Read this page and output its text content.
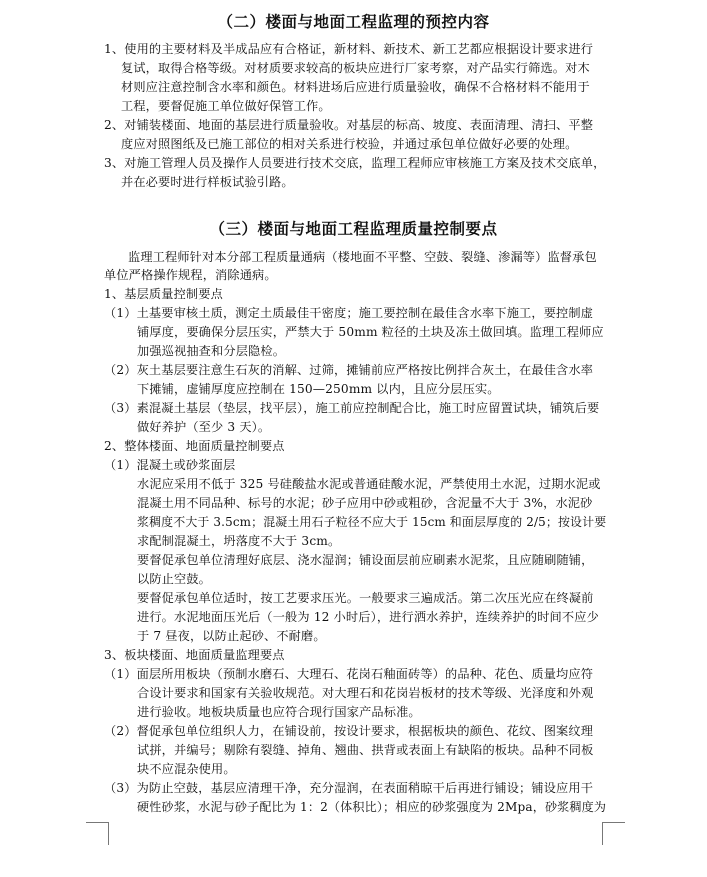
（二）楼面与地面工程监理的预控内容
1、使用的主要材料及半成品应有合格证，新材料、新技术、新工艺都应根据设计要求进行
复试，取得合格等级。对材质要求较高的板块应进行厂家考察，对产品实行筛选。对木
材则应注意控制含水率和颜色。材料进场后应进行质量验收，确保不合格材料不能用于
工程，要督促施工单位做好保管工作。
2、对铺装楼面、地面的基层进行质量验收。对基层的标高、坡度、表面清理、清扫、平整
度应对照图纸及已施工部位的相对关系进行校验，并通过承包单位做好必要的处理。
3、对施工管理人员及操作人员要进行技术交底，监理工程师应审核施工方案及技术交底单，
并在必要时进行样板试验引路。
（三）楼面与地面工程监理质量控制要点
监理工程师针对本分部工程质量通病（楼地面不平整、空鼓、裂缝、渗漏等）监督承包
单位严格操作规程，消除通病。
1、基层质量控制要点
（1）土基要审核土质，测定土质最佳干密度；施工要控制在最佳含水率下施工，要控制虚
铺厚度，要确保分层压实，严禁大于 50mm 粒径的土块及冻土做回填。监理工程师应
加强巡视抽查和分层隐检。
（2）灰土基层要注意生石灰的消解、过筛，摊铺前应严格按比例拌合灰土，在最佳含水率
下摊铺，虚铺厚度应控制在 150—250mm 以内，且应分层压实。
（3）素混凝土基层（垫层，找平层），施工前应控制配合比，施工时应留置试块，铺筑后要
做好养护（至少 3 天）。
2、整体楼面、地面质量控制要点
（1）混凝土或砂浆面层
水泥应采用不低于 325 号硅酸盐水泥或普通硅酸水泥，严禁使用土水泥，过期水泥或
混凝土用不同品种、标号的水泥；砂子应用中砂或粗砂，含泥量不大于 3%，水泥砂
浆稠度不大于 3.5cm；混凝土用石子粒径不应大于 15cm 和面层厚度的 2/5；按设计要
求配制混凝土，坍落度不大于 3cm。
要督促承包单位清理好底层、浇水湿润；铺设面层前应刷素水泥浆，且应随刷随铺，
以防止空鼓。
要督促承包单位适时，按工艺要求压光。一般要求三遍成活。第二次压光应在终凝前
进行。水泥地面压光后（一般为 12 小时后），进行洒水养护，连续养护的时间不应少
于 7 昼夜，以防止起砂、不耐磨。
3、板块楼面、地面质量监理要点
（1）面层所用板块（预制水磨石、大理石、花岗石釉面砖等）的品种、花色、质量均应符
合设计要求和国家有关验收规范。对大理石和花岗岩板材的技术等级、光泽度和外观
进行验收。地板块质量也应符合现行国家产品标准。
（2）督促承包单位组织人力，在铺设前，按设计要求，根据板块的颜色、花纹、图案纹理
试拼，并编号；剔除有裂缝、掉角、翘曲、拱背或表面上有缺陷的板块。品种不同板
块不应混杂使用。
（3）为防止空鼓，基层应清理干净，充分湿润，在表面稍晾干后再进行铺设；铺设应用干
硬性砂浆，水泥与砂子配比为 1：2（体积比）；相应的砂浆强度为 2Mpa，砂浆稠度为
